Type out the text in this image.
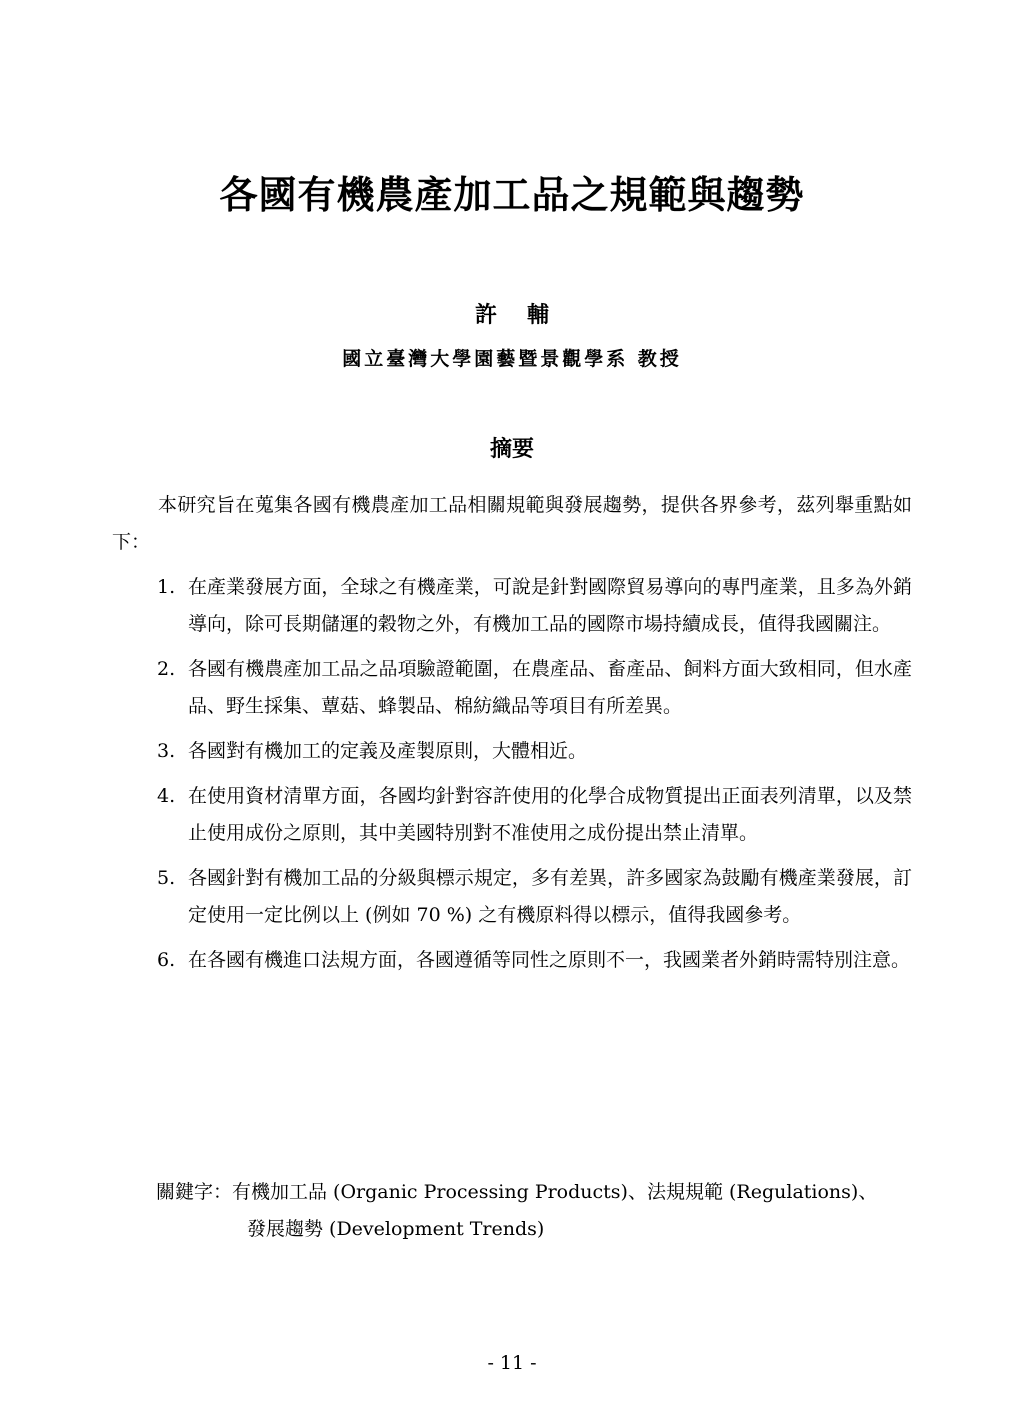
各國有機農產加工品之規範與趨勢
許輔
國立臺灣大學園藝暨景觀學系 教授
摘要

本研究旨在蒐集各國有機農產加工品相關規範與發展趨勢，提供各界參考，茲列舉重點如下：

1. 在產業發展方面，全球之有機產業，可說是針對國際貿易導向的專門產業，且多為外銷導向，除可長期儲運的穀物之外，有機加工品的國際市場持續成長，值得我國關注。
2. 各國有機農產加工品之品項驗證範圍，在農產品、畜產品、飼料方面大致相同，但水產品、野生採集、蕈菇、蜂製品、棉紡織品等項目有所差異。
3. 各國對有機加工的定義及產製原則，大體相近。
4. 在使用資材清單方面，各國均針對容許使用的化學合成物質提出正面表列清單，以及禁止使用成份之原則，其中美國特別對不准使用之成份提出禁止清單。
5. 各國針對有機加工品的分級與標示規定，多有差異，許多國家為鼓勵有機產業發展，訂定使用一定比例以上 (例如 70 %) 之有機原料得以標示，值得我國參考。
6. 在各國有機進口法規方面，各國遵循等同性之原則不一，我國業者外銷時需特別注意。
關鍵字：有機加工品 (Organic Processing Products)、法規規範 (Regulations)、
發展趨勢 (Development Trends)
- 11 -
